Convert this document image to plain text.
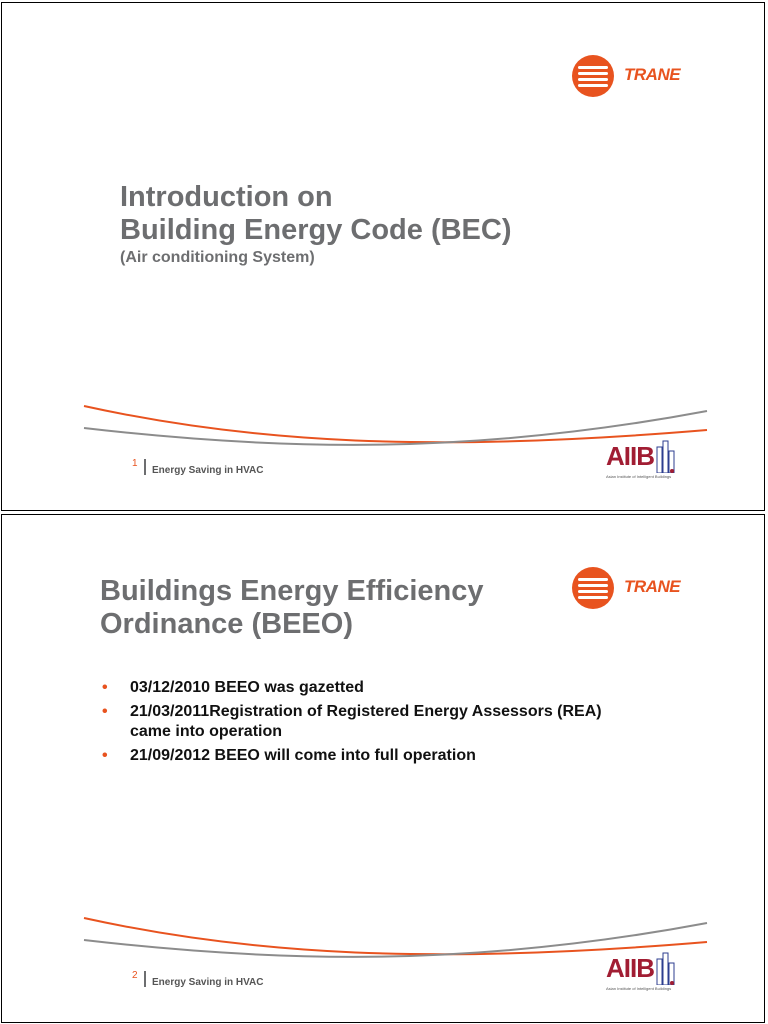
TRANE
Introduction on
Building Energy Code (BEC)
(Air conditioning System)
1
Energy Saving in HVAC	AIIB
Asian Institute of Intelligent Buildings
TRANE
Buildings Energy Efficiency
Ordinance (BEEO)
• 03/12/2010 BEEO was gazetted
• 21/03/2011Registration of Registered Energy Assessors (REA) came into operation
• 21/09/2012 BEEO will come into full operation
2
Energy Saving in HVAC	AIIB
Asian Institute of Intelligent Buildings
